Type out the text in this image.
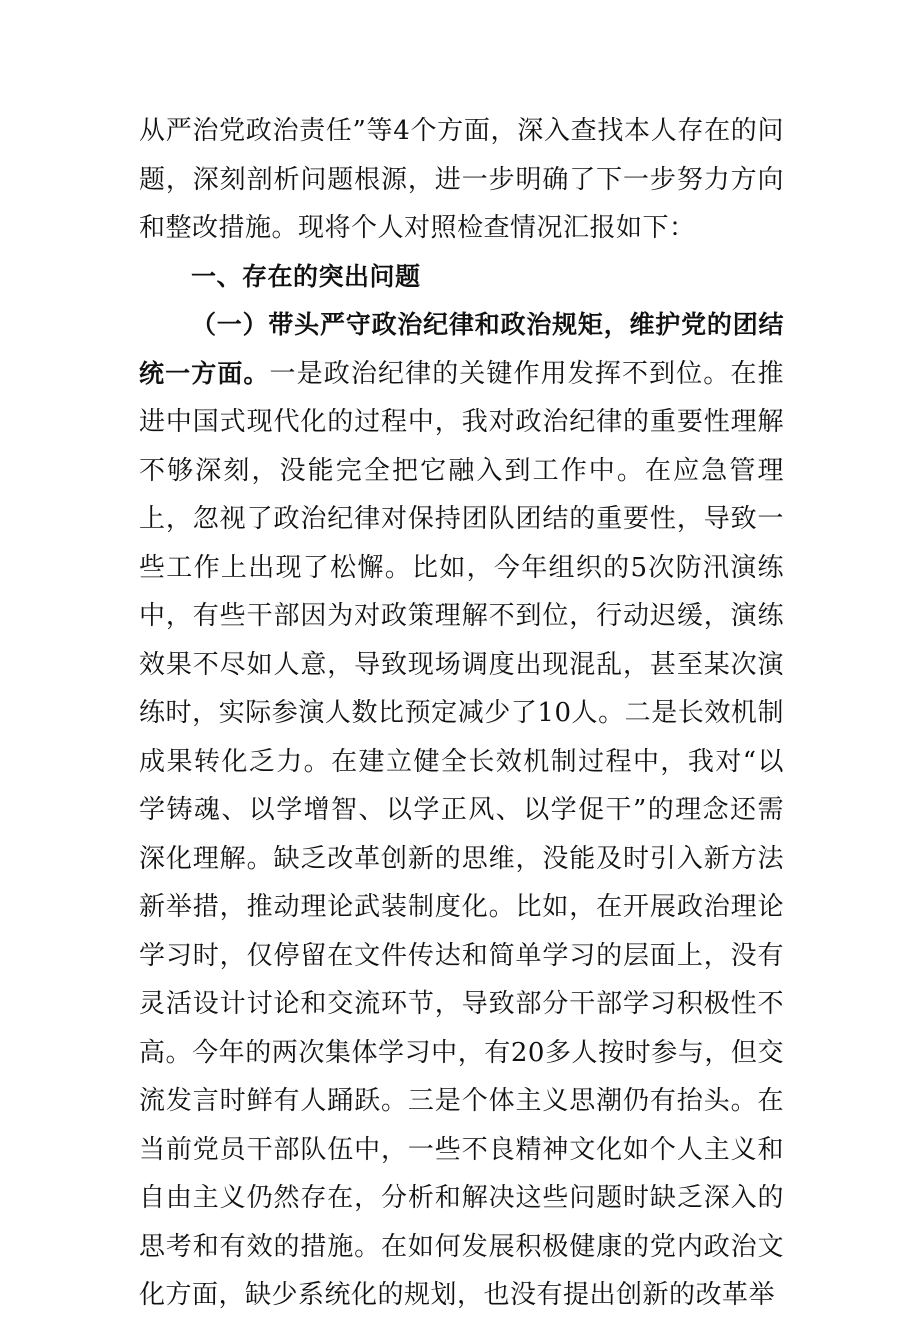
从严治党政治责任”等4个方面，深入查找本人存在的问题，深刻剖析问题根源，进一步明确了下一步努力方向和整改措施。现将个人对照检查情况汇报如下：

一、存在的突出问题

（一）带头严守政治纪律和政治规矩，维护党的团结统一方面。一是政治纪律的关键作用发挥不到位。在推进中国式现代化的过程中，我对政治纪律的重要性理解不够深刻，没能完全把它融入到工作中。在应急管理上，忽视了政治纪律对保持团队团结的重要性，导致一些工作上出现了松懈。比如，今年组织的5次防汛演练中，有些干部因为对政策理解不到位，行动迟缓，演练效果不尽如人意，导致现场调度出现混乱，甚至某次演练时，实际参演人数比预定减少了10人。二是长效机制成果转化乏力。在建立健全长效机制过程中，我对“以学铸魂、以学增智、以学正风、以学促干”的理念还需深化理解。缺乏改革创新的思维，没能及时引入新方法新举措，推动理论武装制度化。比如，在开展政治理论学习时，仅停留在文件传达和简单学习的层面上，没有灵活设计讨论和交流环节，导致部分干部学习积极性不高。今年的两次集体学习中，有20多人按时参与，但交流发言时鲜有人踊跃。三是个体主义思潮仍有抬头。在当前党员干部队伍中，一些不良精神文化如个人主义和自由主义仍然存在，分析和解决这些问题时缺乏深入的思考和有效的措施。在如何发展积极健康的党内政治文化方面，缺少系统化的规划，也没有提出创新的改革举
